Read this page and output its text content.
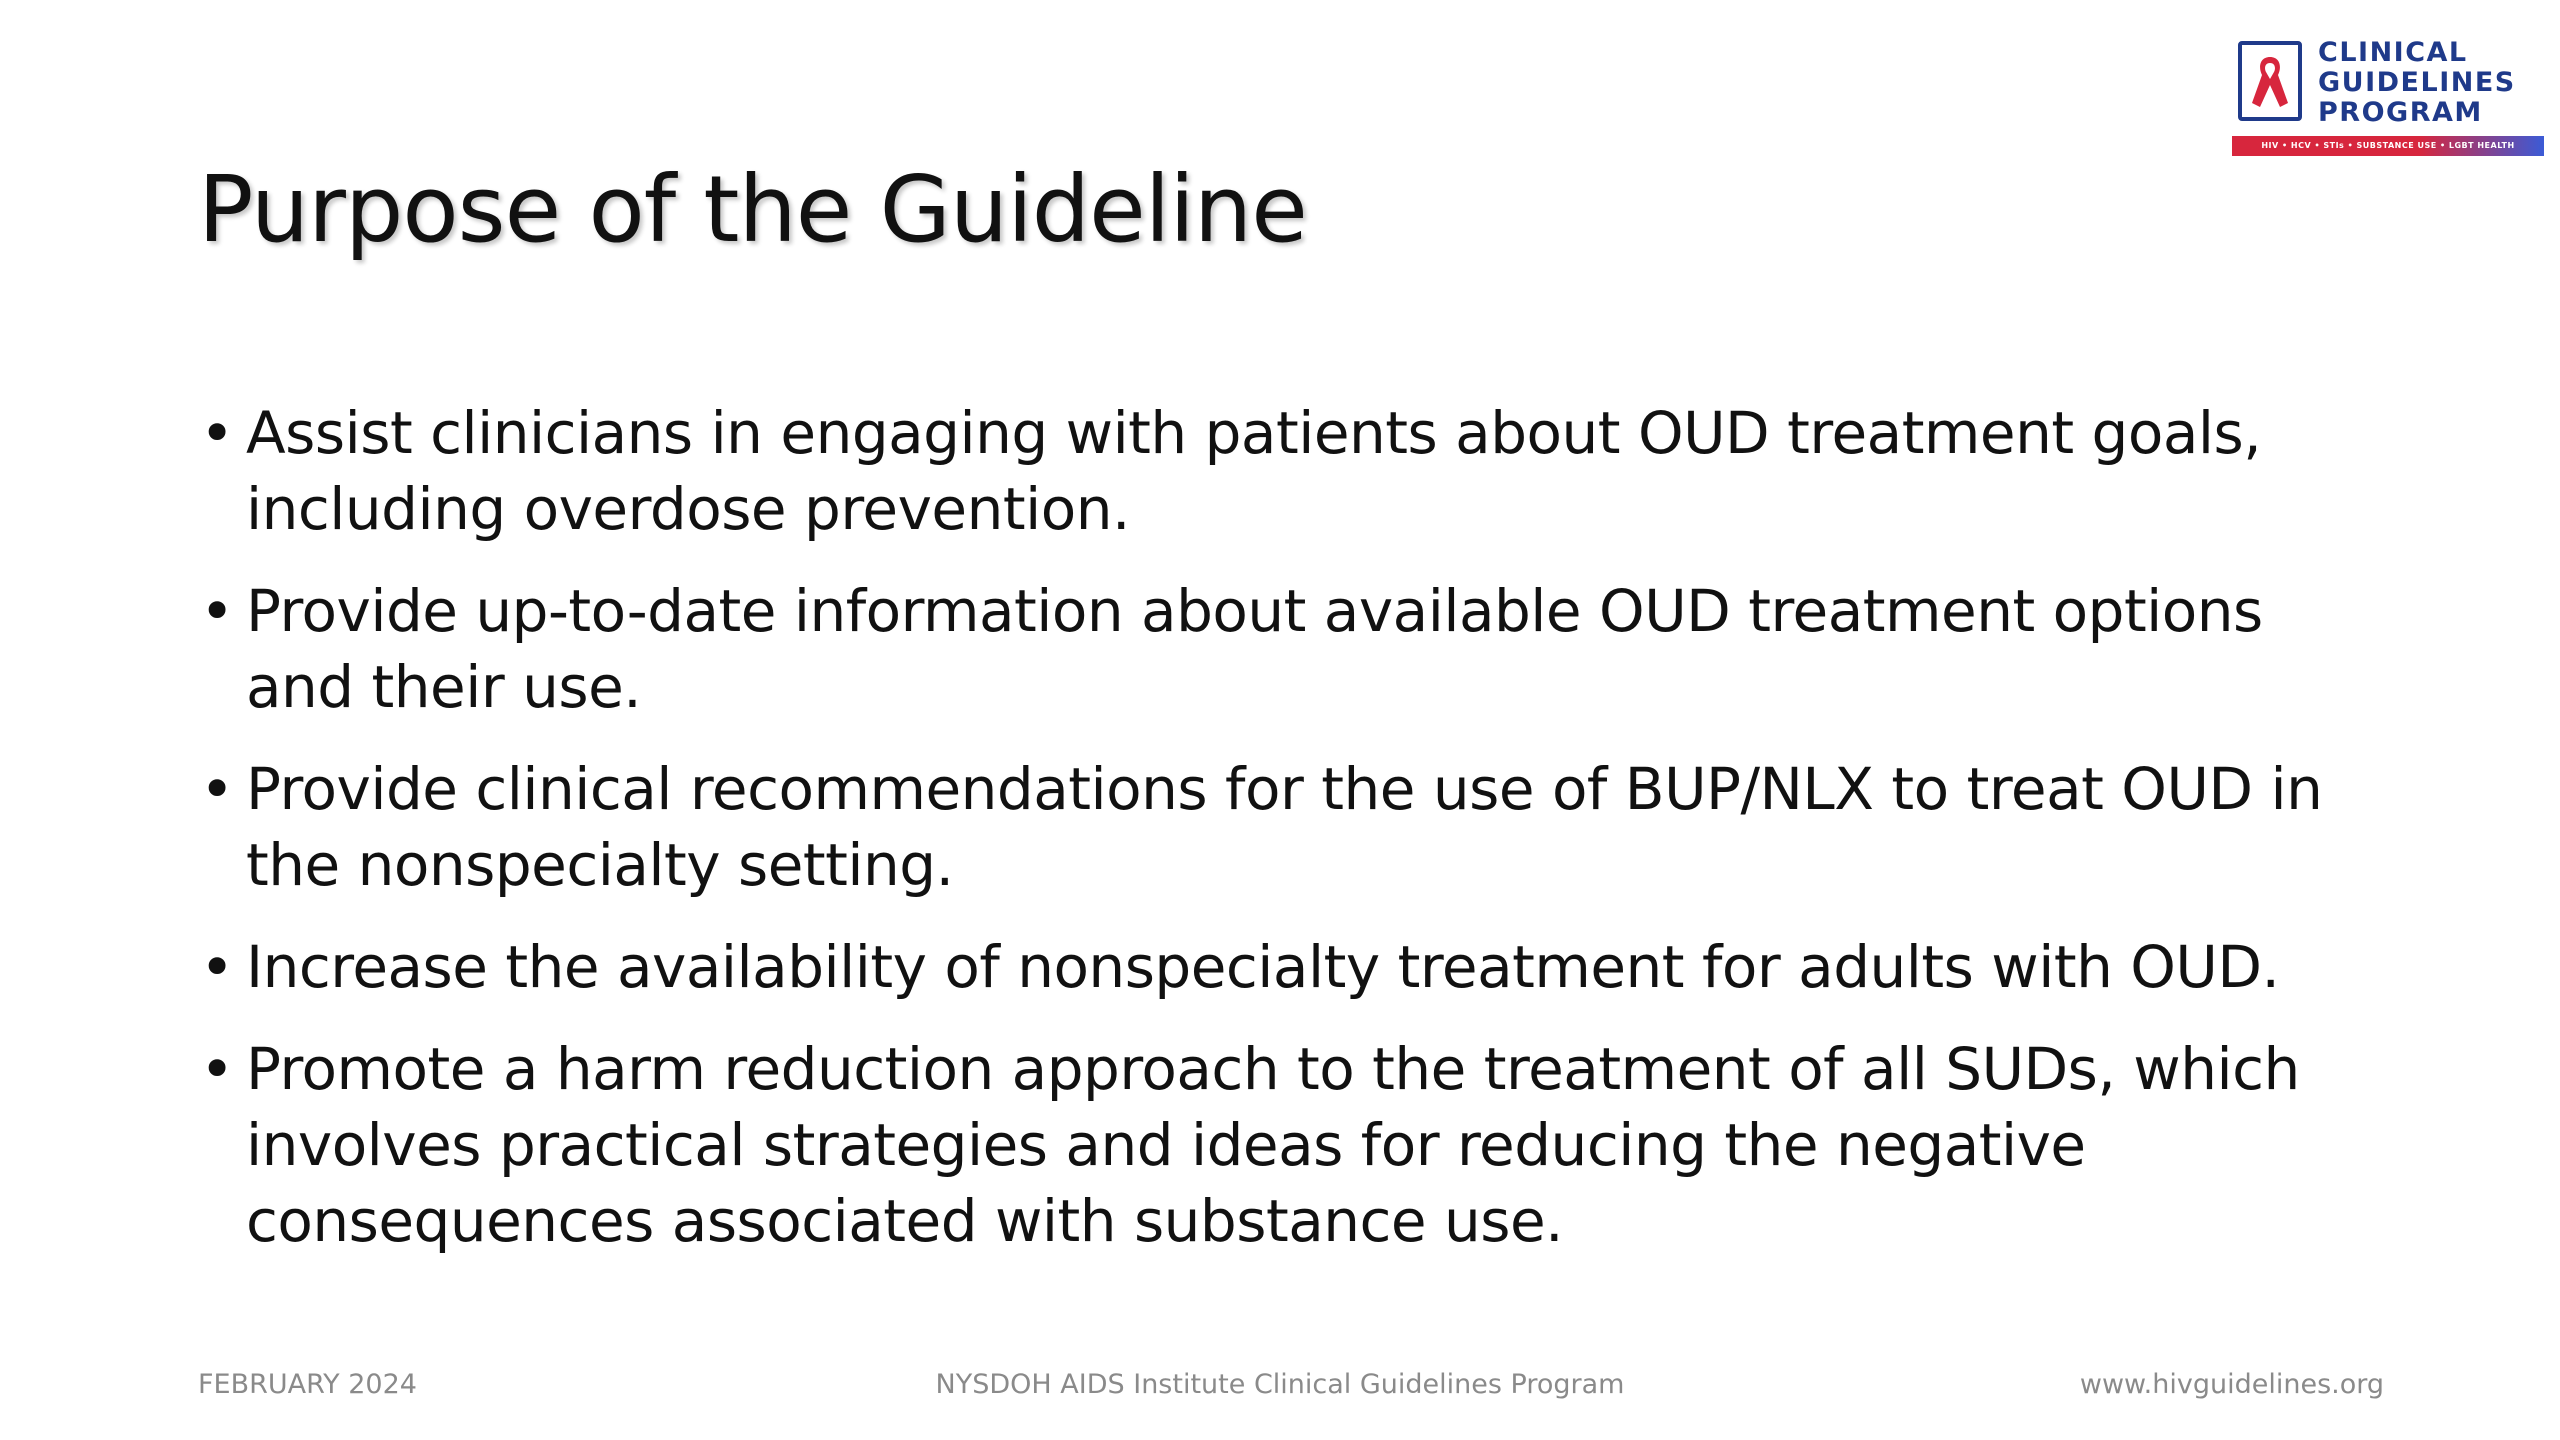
CLINICAL
GUIDELINES
PROGRAM
HIV • HCV • STIs • SUBSTANCE USE • LGBT HEALTH
Purpose of the Guideline
• Assist clinicians in engaging with patients about OUD treatment goals, including overdose prevention.
• Provide up-to-date information about available OUD treatment options and their use.
• Provide clinical recommendations for the use of BUP/NLX to treat OUD in the nonspecialty setting.
• Increase the availability of nonspecialty treatment for adults with OUD.
• Promote a harm reduction approach to the treatment of all SUDs, which involves practical strategies and ideas for reducing the negative consequences associated with substance use.
FEBRUARY 2024	NYSDOH AIDS Institute Clinical Guidelines Program	www.hivguidelines.org
